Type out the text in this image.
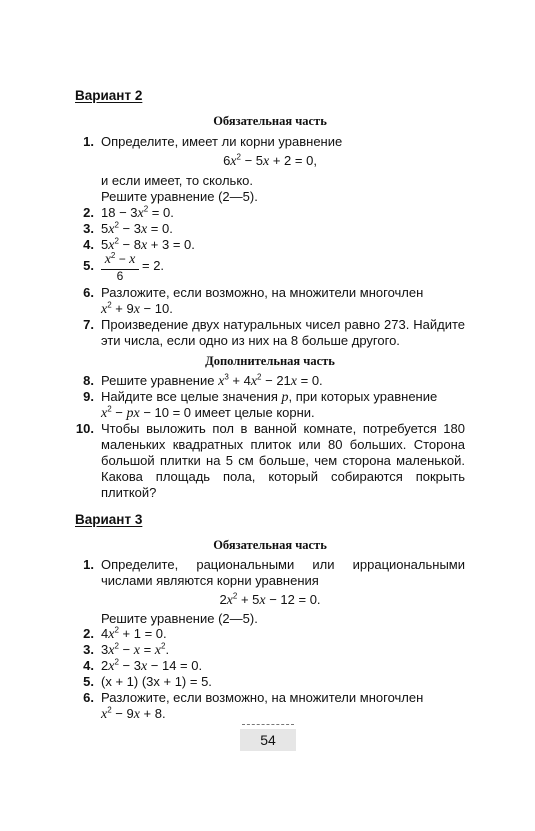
Вариант 2
Обязательная часть
1. Определите, имеет ли корни уравнение
$6x^2 - 5x + 2 = 0$,
и если имеет, то сколько.
Решите уравнение (2—5).
2. $18 - 3x^2 = 0$.
3. $5x^2 - 3x = 0$.
4. $5x^2 - 8x + 3 = 0$.
5. $x^2 - x$
6
= 2.
6. Разложите, если возможно, на множители многочлен
$x^2 + 9x - 10$.
7. Произведение двух натуральных чисел равно 273. Найдите эти числа, если одно из них на 8 больше другого.

Дополнительная часть
8. Решите уравнение $x^3 + 4x^2 - 21x = 0$.
9. Найдите все целые значения p, при которых уравнение
$x^2$ − px − 10 = 0 имеет целые корни.
10. Чтобы выложить пол в ванной комнате, потребуется 180 маленьких квадратных плиток или 80 больших. Сторона большой плитки на 5 см больше, чем сторона маленькой. Какова площадь пола, который собираются покрыть плиткой?

Вариант 3
Обязательная часть
1. Определите, рациональными или иррациональными числами являются корни уравнения

$2x^2 + 5x - 12 = 0$.
Решите уравнение (2—5).
2. $4x^2 + 1 = 0$.
3. $3x^2 - x = x^2$.
4. $2x^2 - 3x - 14 = 0$.
5. (x + 1) (3x + 1) = 5.
6. Разложите, если возможно, на множители многочлен
$x^2 - 9x + 8$.
54
